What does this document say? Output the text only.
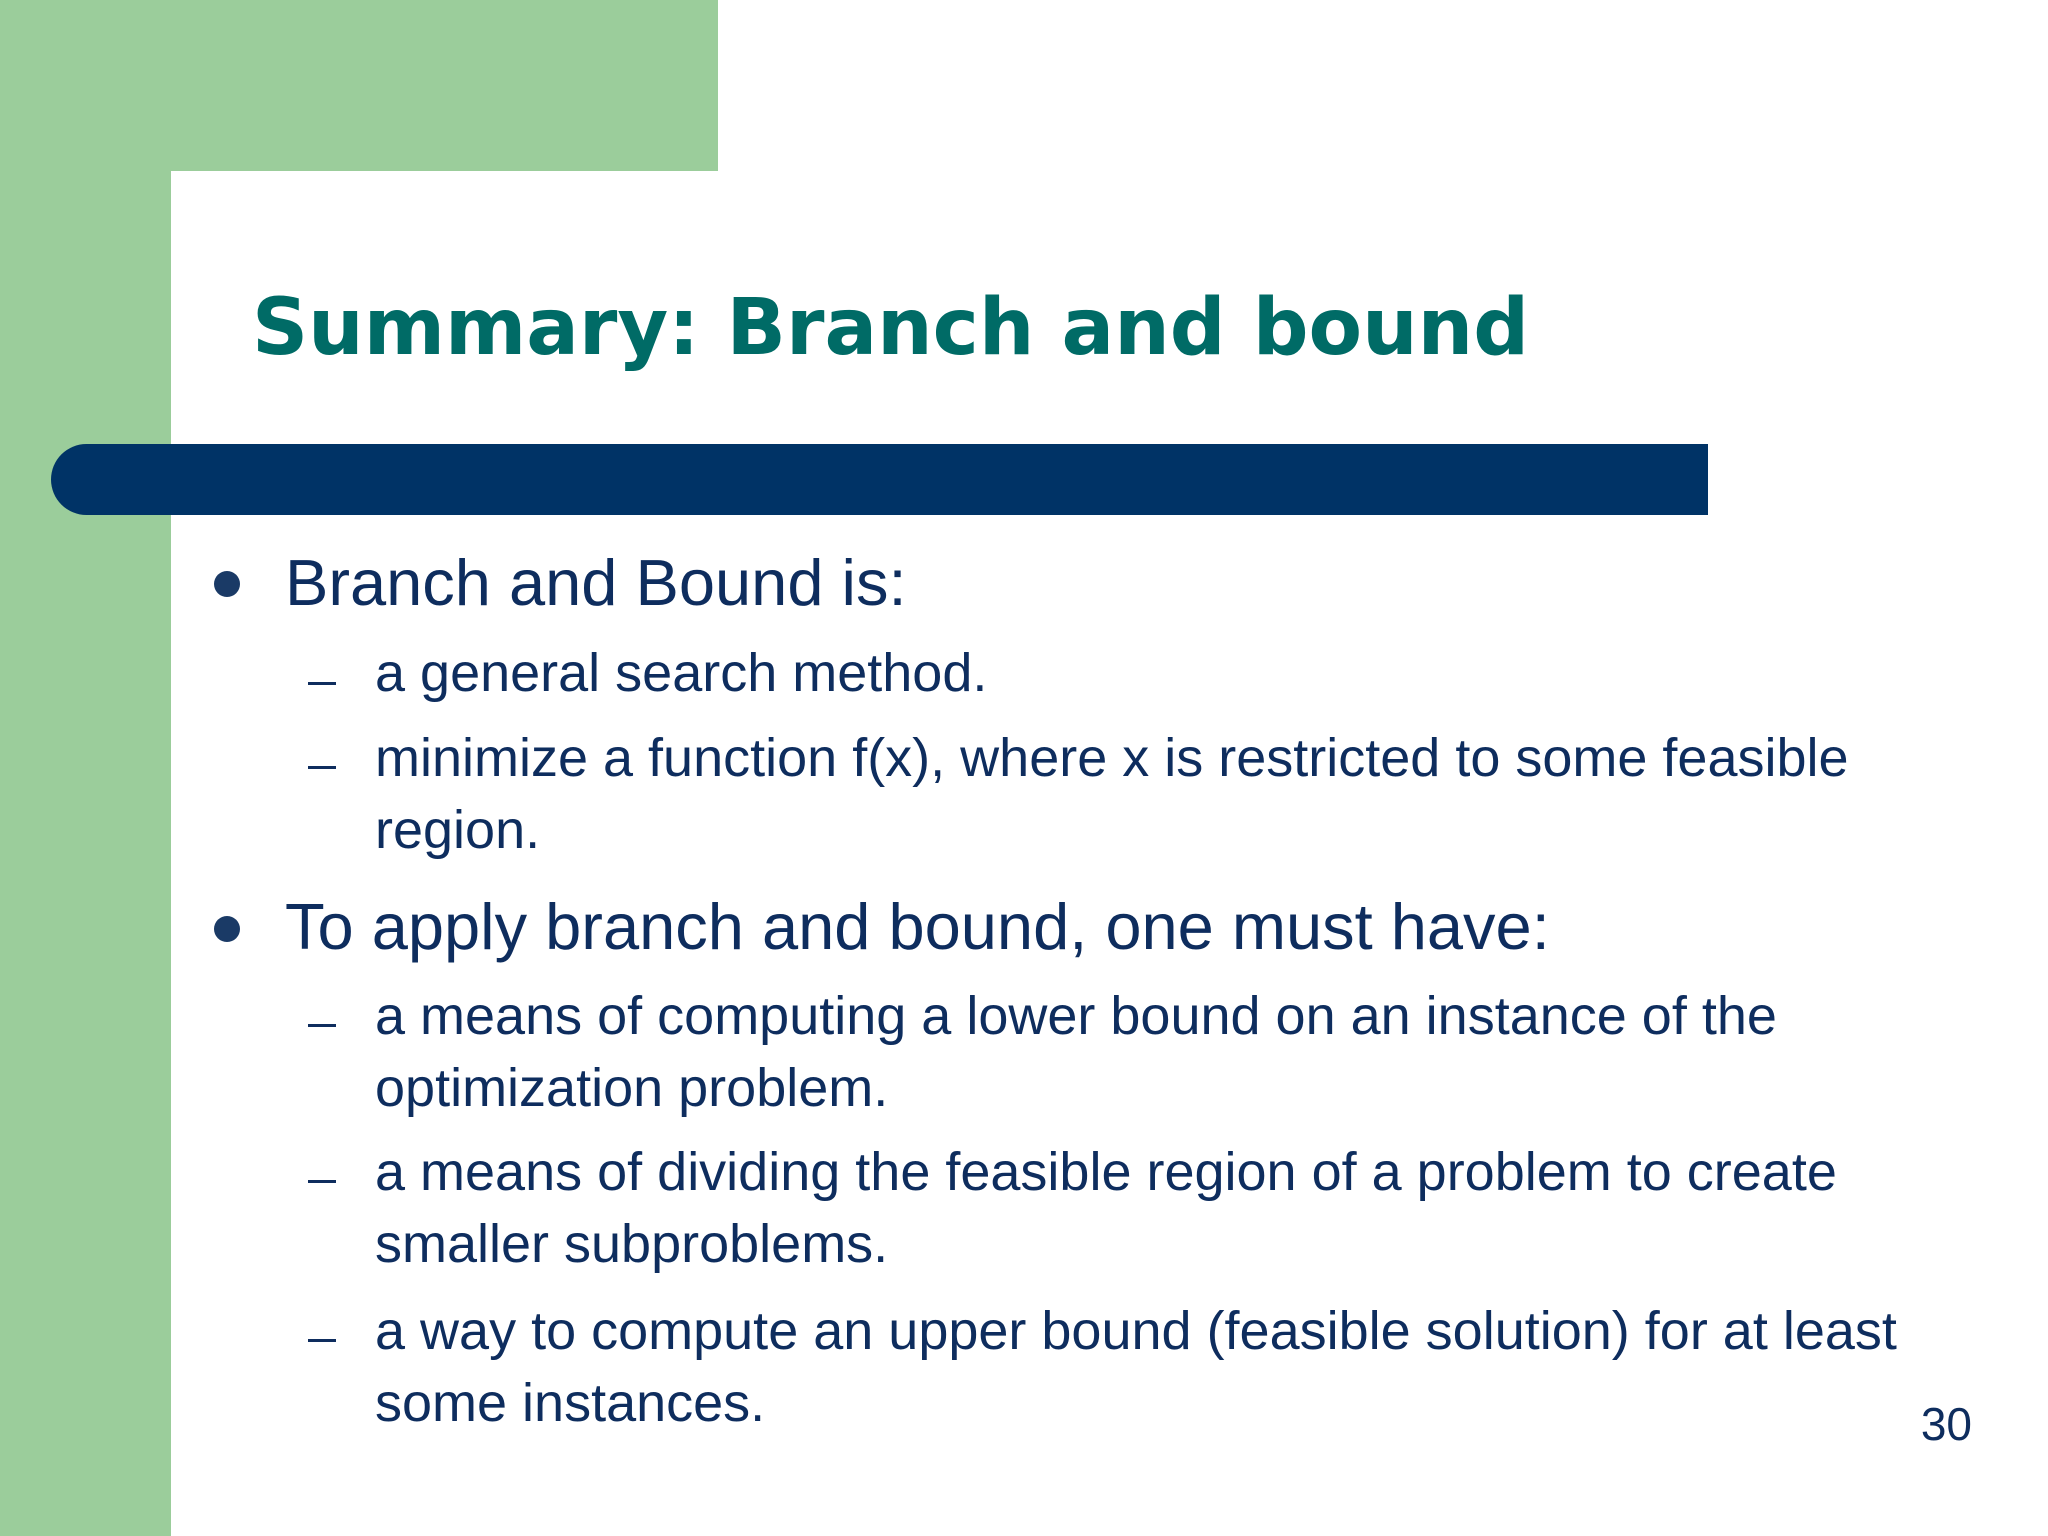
Summary: Branch and bound
Branch and Bound is:
a general search method.
minimize a function f(x), where x is restricted to some feasible region.
To apply branch and bound, one must have:
a means of computing a lower bound on an instance of the optimization problem.
a means of dividing the feasible region of a problem to create smaller subproblems.
a way to compute an upper bound (feasible solution) for at least some instances.	30
